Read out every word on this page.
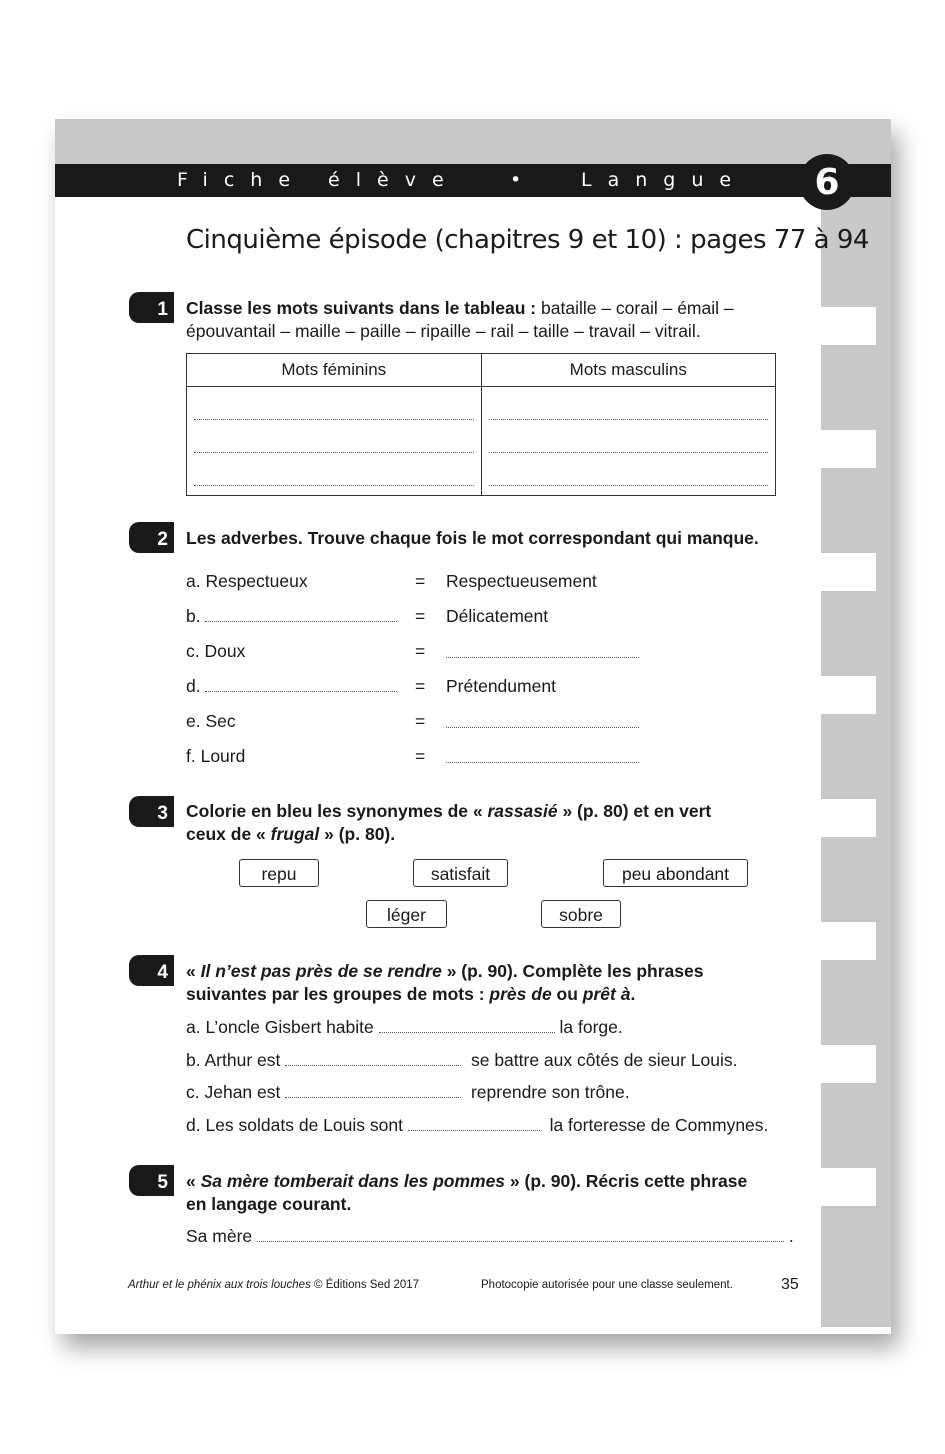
Fiche élève	• Langue	6
Cinquième épisode (chapitres 9 et 10) : pages 77 à 94
1 Classe les mots suivants dans le tableau : bataille – corail – émail –
épouvantail – maille – paille – ripaille – rail – taille – travail – vitrail.
Mots féminins	Mots masculins

2 Les adverbes. Trouve chaque fois le mot correspondant qui manque.
a. Respectueux	= Respectueusement
b.	= Délicatement
c. Doux	=
d.	= Prétendument
e. Sec	=
f. Lourd	=
3 Colorie en bleu les synonymes de « rassasié » (p. 80) et en vert
ceux de « frugal » (p. 80).
repu	satisfait	peu abondant
léger	sobre
4 « Il n’est pas près de se rendre » (p. 90). Complète les phrases
suivantes par les groupes de mots : près de ou prêt à.
a. L’oncle Gisbert habite	la forge.
b. Arthur est	se battre aux côtés de sieur Louis.
c. Jehan est	reprendre son trône.
d. Les soldats de Louis sont	la forteresse de Commynes.
5 « Sa mère tomberait dans les pommes » (p. 90). Récris cette phrase
en langage courant.
Sa mère	.
Arthur et le phénix aux trois louches © Éditions Sed 2017	Photocopie autorisée pour une classe seulement.	35
